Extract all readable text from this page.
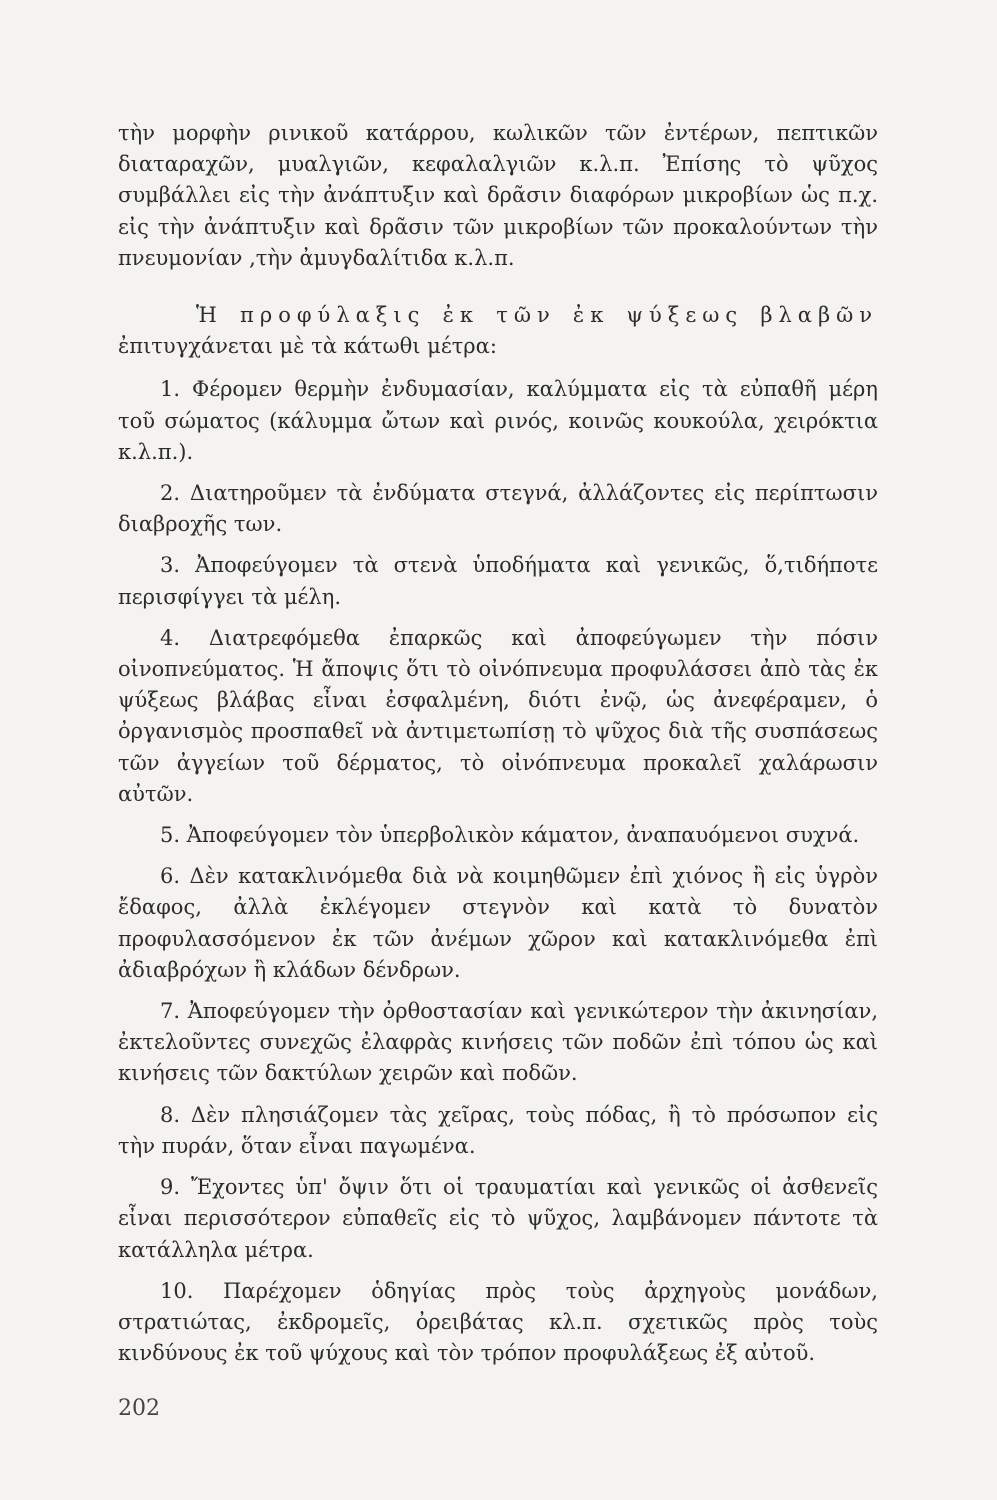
τὴν μορφὴν ρινικοῦ κατάρρου, κωλικῶν τῶν ἐντέρων, πεπτικῶν διαταραχῶν, μυαλγιῶν, κεφαλαλγιῶν κ.λ.π. Ἐπίσης τὸ ψῦχος συμβάλλει εἰς τὴν ἀνάπτυξιν καὶ δρᾶσιν διαφόρων μικροβίων ὡς π.χ. εἰς τὴν ἀνάπτυξιν καὶ δρᾶσιν τῶν μικροβίων τῶν προκαλούντων τὴν πνευμονίαν ,τὴν ἀμυγδαλίτιδα κ.λ.π.

Ἡ προφύλαξις ἐκ τῶν ἐκ ψύξεως βλαβῶν ἐπιτυγχάνεται μὲ τὰ κάτωθι μέτρα:

1. Φέρομεν θερμὴν ἐνδυμασίαν, καλύμματα εἰς τὰ εὐπαθῆ μέρη τοῦ σώματος (κάλυμμα ὤτων καὶ ρινός, κοινῶς κουκούλα, χειρόκτια κ.λ.π.).

2. Διατηροῦμεν τὰ ἐνδύματα στεγνά, ἀλλάζοντες εἰς περίπτωσιν διαβροχῆς των.

3. Ἀποφεύγομεν τὰ στενὰ ὑποδήματα καὶ γενικῶς, ὅ,τιδήποτε περισφίγγει τὰ μέλη.

4. Διατρεφόμεθα ἐπαρκῶς καὶ ἀποφεύγωμεν τὴν πόσιν οἰνοπνεύματος. Ἡ ἄποψις ὅτι τὸ οἰνόπνευμα προφυλάσσει ἀπὸ τὰς ἐκ ψύξεως βλάβας εἶναι ἐσφαλμένη, διότι ἐνῷ, ὡς ἀνεφέραμεν, ὁ ὀργανισμὸς προσπαθεῖ νὰ ἀντιμετωπίσῃ τὸ ψῦχος διὰ τῆς συσπάσεως τῶν ἀγγείων τοῦ δέρματος, τὸ οἰνόπνευμα προκαλεῖ χαλάρωσιν αὐτῶν.

5. Ἀποφεύγομεν τὸν ὑπερβολικὸν κάματον, ἀναπαυόμενοι συχνά.

6. Δὲν κατακλινόμεθα διὰ νὰ κοιμηθῶμεν ἐπὶ χιόνος ἢ εἰς ὑγρὸν ἔδαφος, ἀλλὰ ἐκλέγομεν στεγνὸν καὶ κατὰ τὸ δυνατὸν προφυλασσόμενον ἐκ τῶν ἀνέμων χῶρον καὶ κατακλινόμεθα ἐπὶ ἀδιαβρόχων ἢ κλάδων δένδρων.

7. Ἀποφεύγομεν τὴν ὀρθοστασίαν καὶ γενικώτερον τὴν ἀκινησίαν, ἐκτελοῦντες συνεχῶς ἐλαφρὰς κινήσεις τῶν ποδῶν ἐπὶ τόπου ὡς καὶ κινήσεις τῶν δακτύλων χειρῶν καὶ ποδῶν.

8. Δὲν πλησιάζομεν τὰς χεῖρας, τοὺς πόδας, ἢ τὸ πρόσωπον εἰς τὴν πυράν, ὅταν εἶναι παγωμένα.

9. Ἔχοντες ὑπ' ὄψιν ὅτι οἱ τραυματίαι καὶ γενικῶς οἱ ἀσθενεῖς εἶναι περισσότερον εὐπαθεῖς εἰς τὸ ψῦχος, λαμβάνομεν πάντοτε τὰ κατάλληλα μέτρα.

10. Παρέχομεν ὁδηγίας πρὸς τοὺς ἀρχηγοὺς μονάδων, στρατιώτας, ἐκδρομεῖς, ὀρειβάτας κλ.π. σχετικῶς πρὸς τοὺς κινδύνους ἐκ τοῦ ψύχους καὶ τὸν τρόπον προφυλάξεως ἐξ αὐτοῦ.

202
